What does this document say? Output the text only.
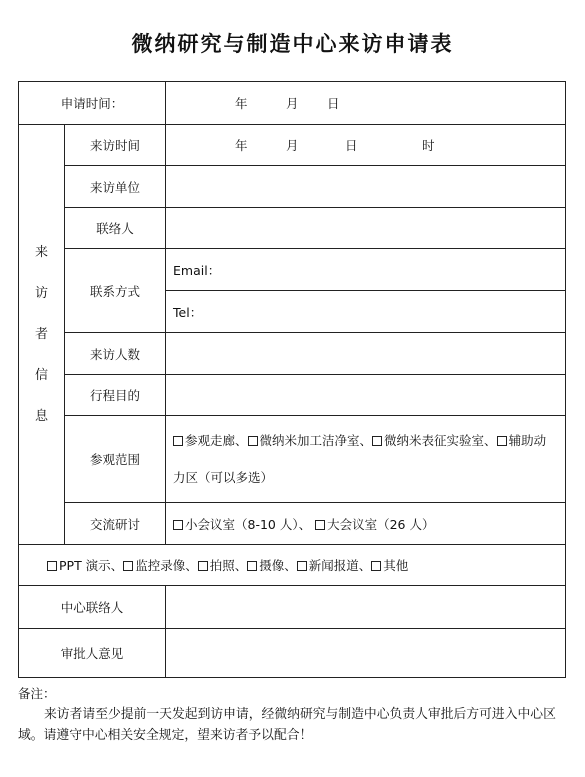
微纳研究与制造中心来访申请表
申请时间：		年 月 日

来
访
者
信
息	来访时间	年 月 日 时

	来访单位	
	联络人	
	联系方式	Email：
		Tel：
	来访人数	
	行程目的	
	参观范围	参观走廊、 微纳米加工洁净室、 微纳米表征实验室、 辅助动力区（可以多选）
	交流研讨	小会议室（8-10 人）、 大会议室（26 人）
PPT 演示、 监控录像、 拍照、 摄像、 新闻报道、 其他		
中心联络人		
审批人意见		
备注：
来访者请至少提前一天发起到访申请，经微纳研究与制造中心负责人审批后方可进入中心区域。请遵守中心相关安全规定，望来访者予以配合！
